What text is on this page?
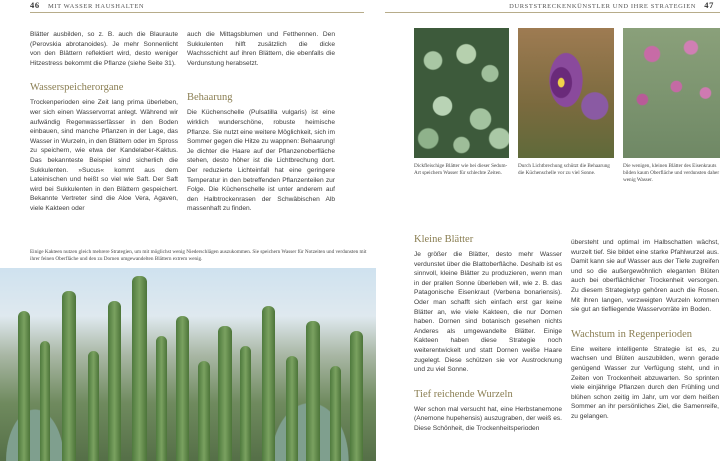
46 MIT WASSER HAUSHALTEN	DURSTSTRECKENKÜNSTLER UND IHRE STRATEGIEN 47

Blätter ausbilden, so z. B. auch die Blauraute (Perovskia abrotanoides). Je mehr Sonnenlicht von den Blättern reflektiert wird, desto weniger Hitzestress bekommt die Pflanze (siehe Seite 31).

Wasserspeicherorgane

Trockenperioden eine Zeit lang prima überleben, wer sich einen Wasservorrat anlegt. Während wir aufwändig Regenwasserfässer in den Boden einbauen, sind manche Pflanzen in der Lage, das Wasser in Wurzeln, in den Blättern oder im Spross zu speichern, wie etwa der Kandelaber-Kaktus. Das bekannteste Beispiel sind sicherlich die Sukkulenten. »Sucus« kommt aus dem Lateinischen und heißt so viel wie Saft. Der Saft wird bei Sukkulenten in den Blättern gespeichert. Bekannte Vertreter sind die Aloe Vera, Agaven, viele Kakteen oder

auch die Mittagsblumen und Fetthennen. Den Sukkulenten hilft zusätzlich die dicke Wachsschicht auf ihren Blättern, die ebenfalls die Verdunstung herabsetzt.

Behaarung

Die Küchenschelle (Pulsatilla vulgaris) ist eine wirklich wunderschöne, robuste heimische Pflanze. Sie nutzt eine weitere Möglichkeit, sich im Sommer gegen die Hitze zu wappnen: Behaarung! Je dichter die Haare auf der Pflanzenoberfläche stehen, desto höher ist die Lichtbrechung dort. Der reduzierte Lichteinfall hat eine geringere Temperatur in den betreffenden Pflanzenteilen zur Folge. Die Küchenschelle ist unter anderem auf den Halbtrockenrasen der Schwäbischen Alb massenhaft zu finden.

Einige Kakteen nutzen gleich mehrere Strategien, um mit möglichst wenig Niederschlägen auszukommen. Sie speichern Wasser für Notzeiten und verdunsten mit ihrer feinen Oberfläche und den zu Dornen umgewandelten Blättern extrem wenig.
Dickfleischige Blätter wie bei dieser Sedum-Art speichern Wasser für schlechte Zeiten.
Durch Lichtbrechung schützt die Behaarung die Küchenschelle vor zu viel Sonne.
Die wenigen, kleinen Blätter des Eisenkrauts bilden kaum Oberfläche und verdunsten daher wenig Wasser.
Kleine Blätter

Je größer die Blätter, desto mehr Wasser verdunstet über die Blattoberfläche. Deshalb ist es sinnvoll, kleine Blätter zu produzieren, wenn man in der prallen Sonne überleben will, wie z. B. das Patagonische Eisenkraut (Verbena bonariensis). Oder man schafft sich einfach erst gar keine Blätter an, wie viele Kakteen, die nur Dornen haben. Dornen sind botanisch gesehen nichts Anderes als umgewandelte Blätter. Einige Kakteen haben diese Strategie noch weiterentwickelt und statt Dornen weiße Haare zugelegt. Diese schützen sie vor Austrocknung und zu viel Sonne.

Tief reichende Wurzeln

Wer schon mal versucht hat, eine Herbstanemone (Anemone hupehensis) auszugraben, der weiß es. Diese Schönheit, die Trockenheitsperioden

übersteht und optimal im Halbschatten wächst, wurzelt tief. Sie bildet eine starke Pfahlwurzel aus. Damit kann sie auf Wasser aus der Tiefe zugreifen und so die außergewöhnlich eleganten Blüten auch bei oberflächlicher Trockenheit versorgen. Zu diesem Strategietyp gehören auch die Rosen. Mit ihren langen, verzweigten Wurzeln kommen sie gut an tiefliegende Wasservorräte im Boden.

Wachstum in Regenperioden

Eine weitere intelligente Strategie ist es, zu wachsen und Blüten auszubilden, wenn gerade genügend Wasser zur Verfügung steht, und in Zeiten von Trockenheit abzuwarten. So sprinten viele einjährige Pflanzen durch den Frühling und blühen schon zeitig im Jahr, um vor dem heißen Sommer an ihr persönliches Ziel, die Samenreife, zu gelangen.
